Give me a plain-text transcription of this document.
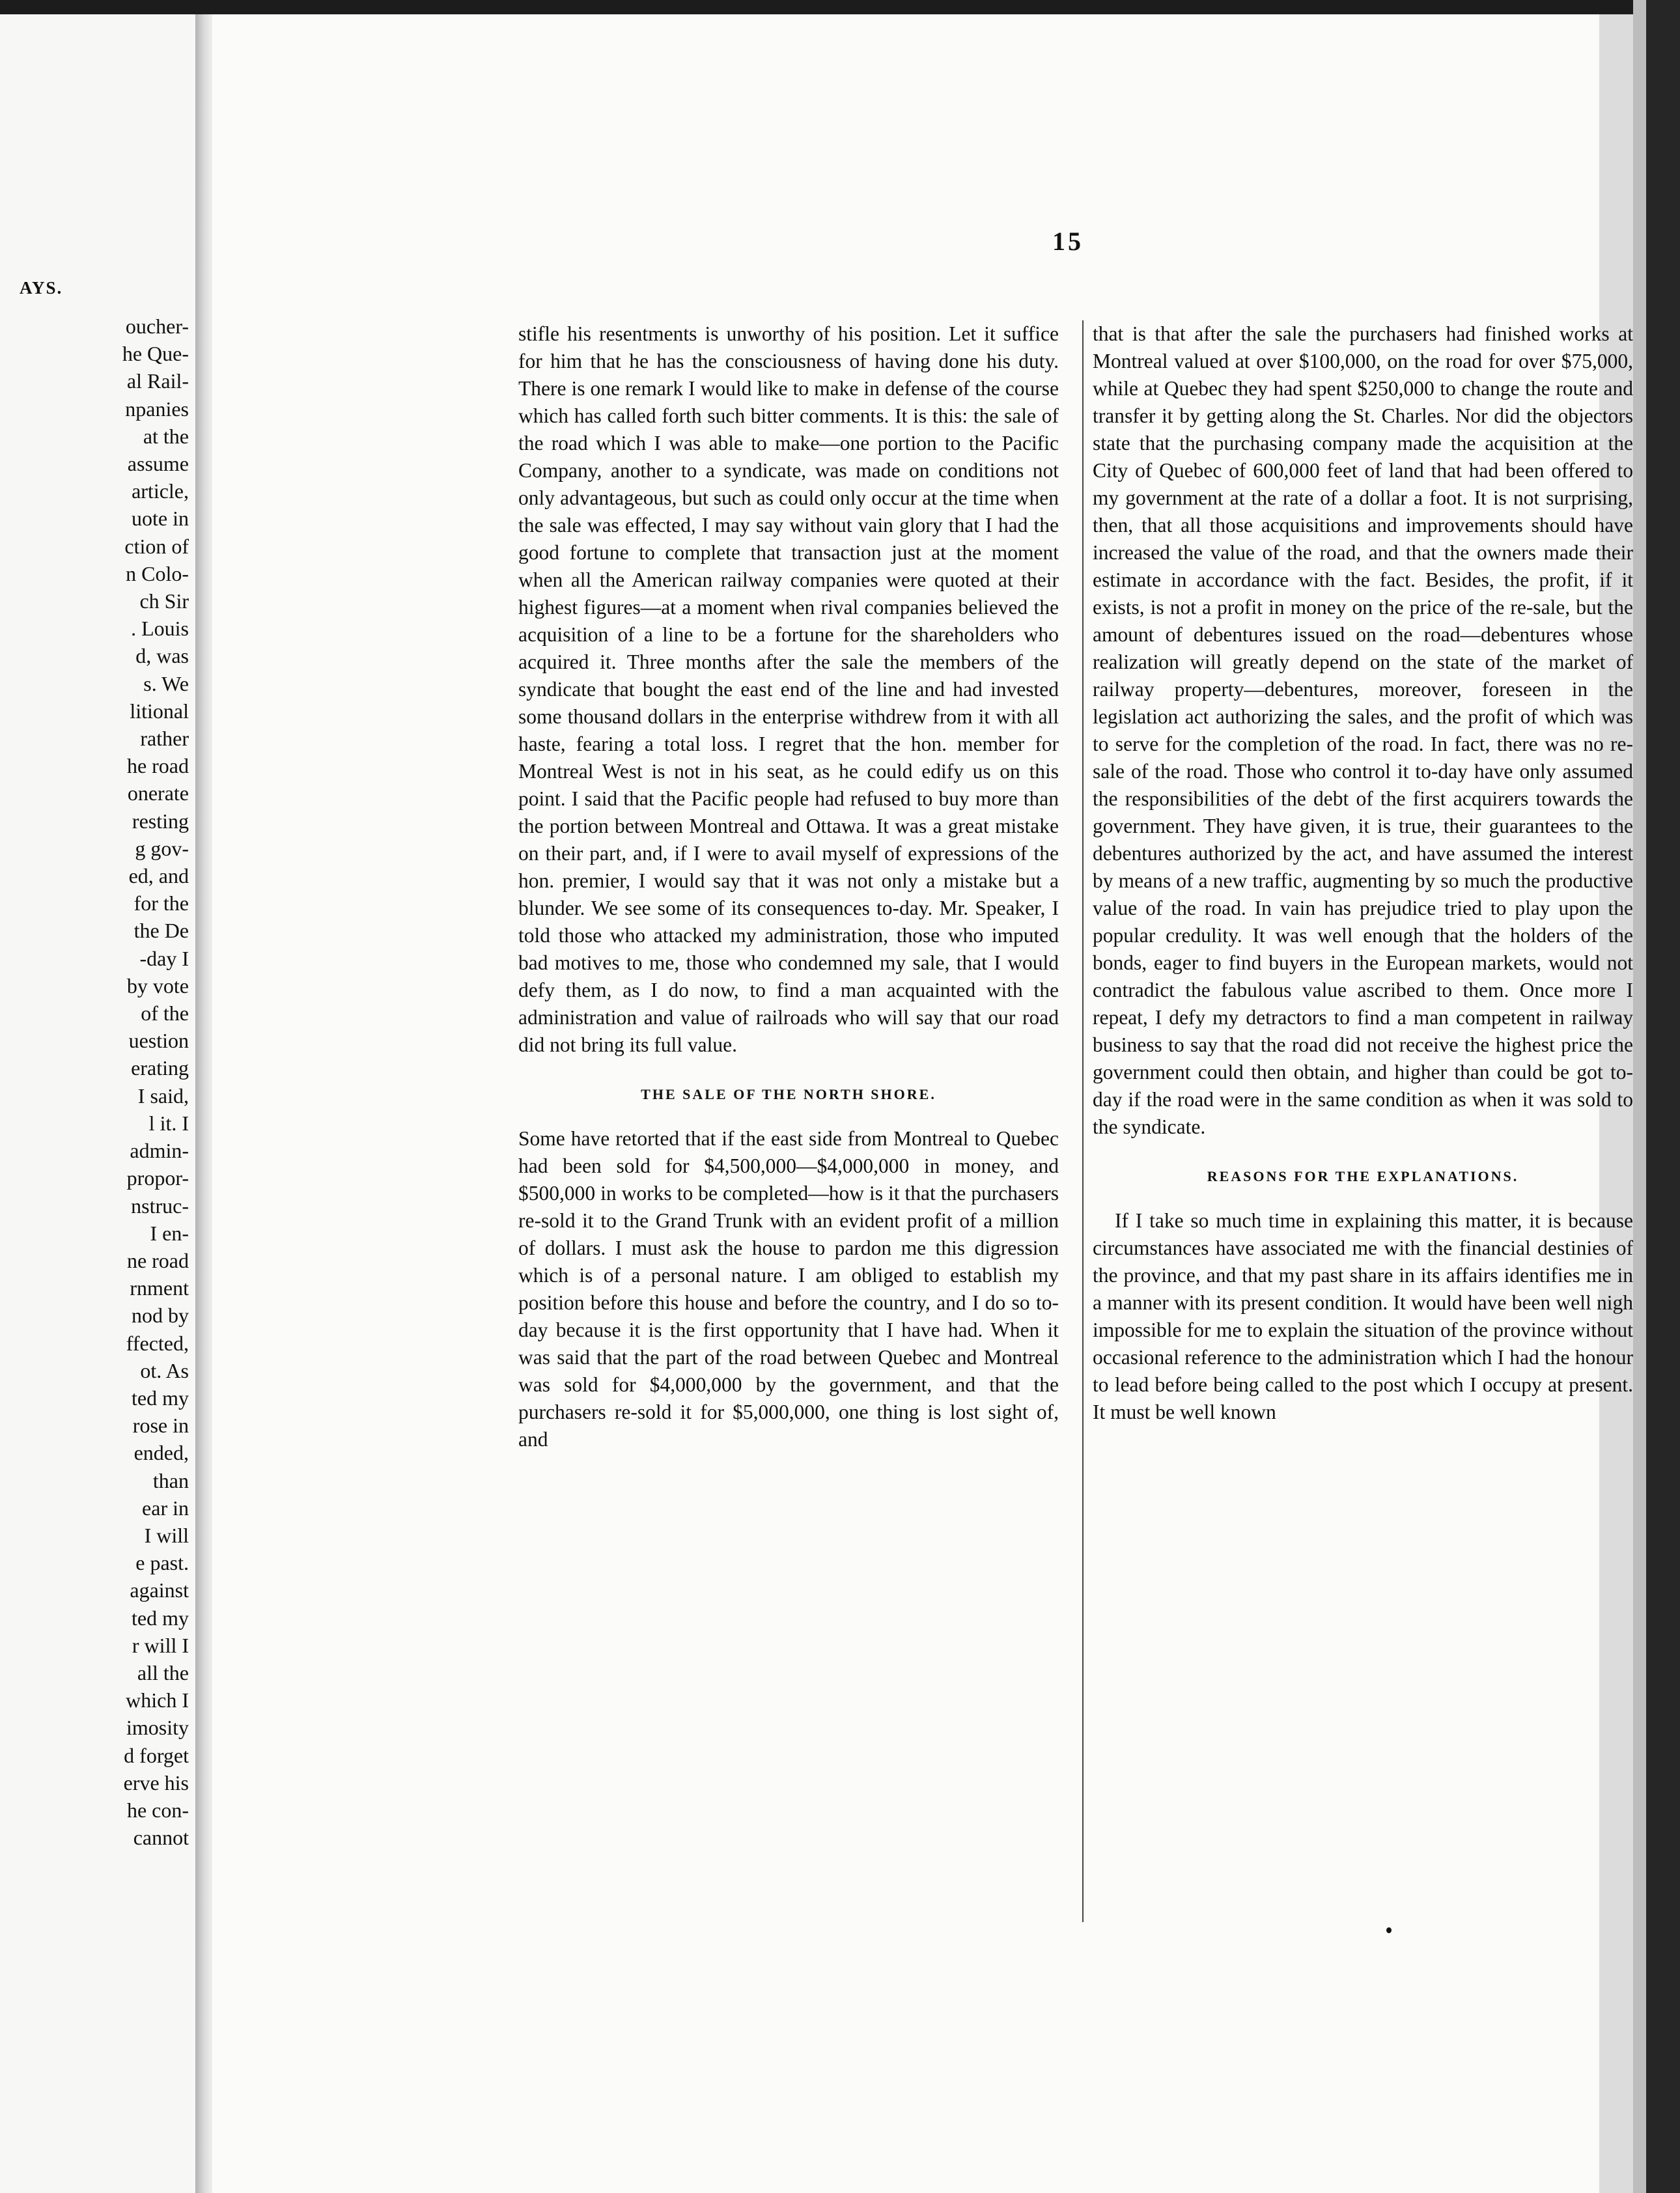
AYS.
oucher-
he Que-
al Rail-
npanies
at the
assume
article,
uote in
ction of
n Colo-
ch Sir
. Louis
d, was
s. We
litional
rather
he road
onerate
resting
g gov-
ed, and
for the
the De
-day I
by vote
of the
uestion
erating
I said,
l it. I
admin-
propor-
nstruc-
I en-
ne road
rnment
nod by
ffected,
ot. As
ted my
rose in
ended,
than
ear in
I will
e past.
against
ted my
r will I
all the
which I
imosity
d forget
erve his
he con-
cannot
15

stifle his resentments is unworthy of his position. Let it suffice for him that he has the consciousness of having done his duty. There is one remark I would like to make in defense of the course which has called forth such bitter comments. It is this: the sale of the road which I was able to make—one portion to the Pacific Company, another to a syndicate, was made on conditions not only advantageous, but such as could only occur at the time when the sale was effected, I may say without vain glory that I had the good fortune to complete that transaction just at the moment when all the American railway companies were quoted at their highest figures—at a moment when rival companies believed the acquisition of a line to be a fortune for the shareholders who acquired it. Three months after the sale the members of the syndicate that bought the east end of the line and had invested some thousand dollars in the enterprise withdrew from it with all haste, fearing a total loss. I regret that the hon. member for Montreal West is not in his seat, as he could edify us on this point. I said that the Pacific people had refused to buy more than the portion between Montreal and Ottawa. It was a great mistake on their part, and, if I were to avail myself of expressions of the hon. premier, I would say that it was not only a mistake but a blunder. We see some of its consequences to-day. Mr. Speaker, I told those who attacked my administration, those who imputed bad motives to me, those who condemned my sale, that I would defy them, as I do now, to find a man acquainted with the administration and value of railroads who will say that our road did not bring its full value.

THE SALE OF THE NORTH SHORE.

Some have retorted that if the east side from Montreal to Quebec had been sold for $4,500,000—$4,000,000 in money, and $500,000 in works to be completed—how is it that the purchasers re-sold it to the Grand Trunk with an evident profit of a million of dollars. I must ask the house to pardon me this digression which is of a personal nature. I am obliged to establish my position before this house and before the country, and I do so to-day because it is the first opportunity that I have had. When it was said that the part of the road between Quebec and Montreal was sold for $4,000,000 by the government, and that the purchasers re-sold it for $5,000,000, one thing is lost sight of, and

that is that after the sale the purchasers had finished works at Montreal valued at over $100,000, on the road for over $75,000, while at Quebec they had spent $250,000 to change the route and transfer it by getting along the St. Charles. Nor did the objectors state that the purchasing company made the acquisition at the City of Quebec of 600,000 feet of land that had been offered to my government at the rate of a dollar a foot. It is not surprising, then, that all those acquisitions and improvements should have increased the value of the road, and that the owners made their estimate in accordance with the fact. Besides, the profit, if it exists, is not a profit in money on the price of the re-sale, but the amount of debentures issued on the road—debentures whose realization will greatly depend on the state of the market of railway property—debentures, moreover, foreseen in the legislation act authorizing the sales, and the profit of which was to serve for the completion of the road. In fact, there was no re-sale of the road. Those who control it to-day have only assumed the responsibilities of the debt of the first acquirers towards the government. They have given, it is true, their guarantees to the debentures authorized by the act, and have assumed the interest by means of a new traffic, augmenting by so much the productive value of the road. In vain has prejudice tried to play upon the popular credulity. It was well enough that the holders of the bonds, eager to find buyers in the European markets, would not contradict the fabulous value ascribed to them. Once more I repeat, I defy my detractors to find a man competent in railway business to say that the road did not receive the highest price the government could then obtain, and higher than could be got to-day if the road were in the same condition as when it was sold to the syndicate.

REASONS FOR THE EXPLANATIONS.

If I take so much time in explaining this matter, it is because circumstances have associated me with the financial destinies of the province, and that my past share in its affairs identifies me in a manner with its present condition. It would have been well nigh impossible for me to explain the situation of the province without occasional reference to the administration which I had the honour to lead before being called to the post which I occupy at present. It must be well known
